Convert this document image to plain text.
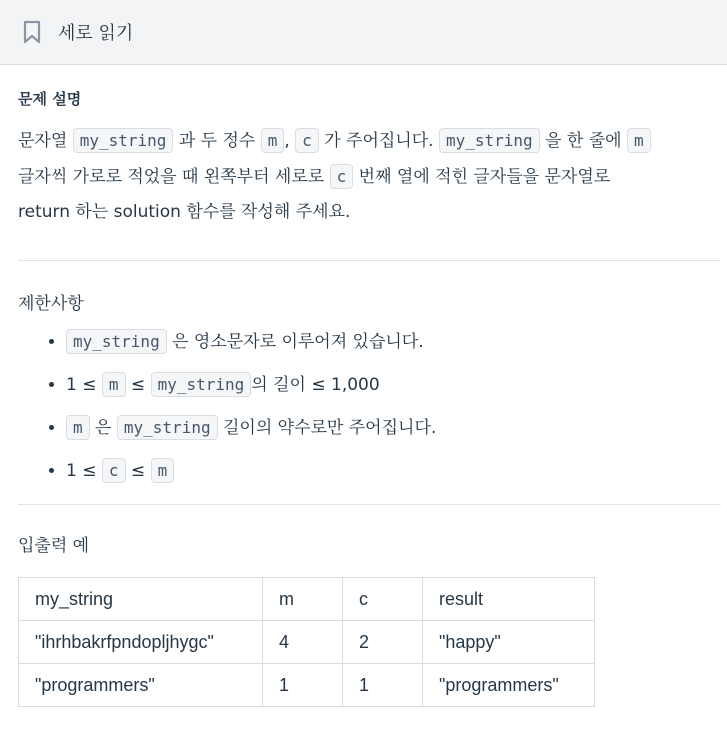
세로 읽기
문제 설명
문자열 my_string 과 두 정수 m , c 가 주어집니다. my_string 을 한 줄에 m
글자씩 가로로 적었을 때 왼쪽부터 세로로 c 번째 열에 적힌 글자들을 문자열로
return 하는 solution 함수를 작성해 주세요.
제한사항
• my_string 은 영소문자로 이루어져 있습니다.
• 1 ≤ m ≤ my_string 의 길이 ≤ 1,000
• m 은 my_string 길이의 약수로만 주어집니다.
• 1 ≤ c ≤ m
입출력 예
my_string	m	c	result
"ihrhbakrfpndopljhygc"	4	2	"happy"
"programmers"	1	1	"programmers"
